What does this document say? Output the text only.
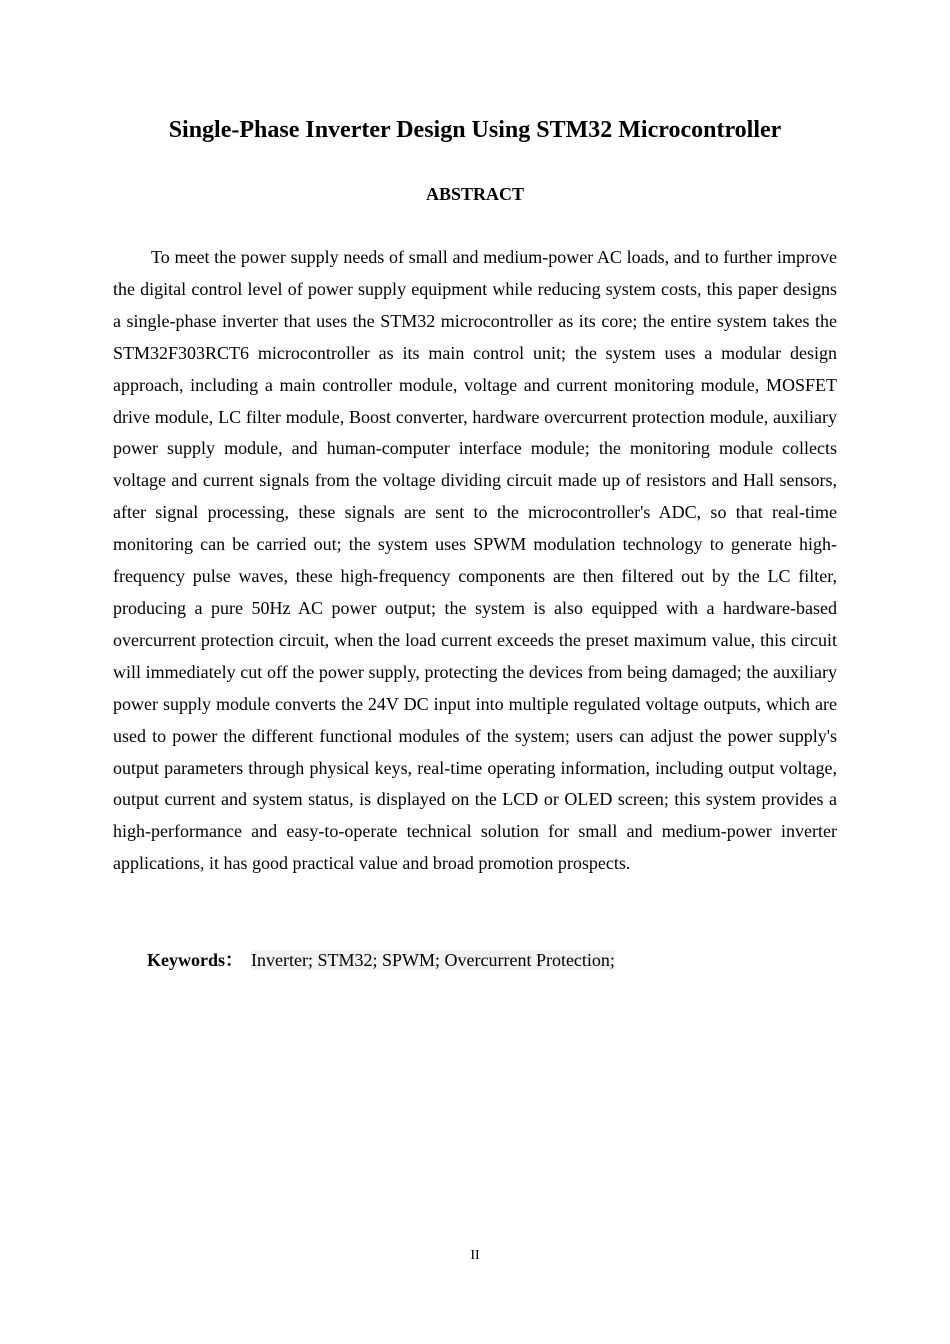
Single-Phase Inverter Design Using STM32 Microcontroller
ABSTRACT

To meet the power supply needs of small and medium-power AC loads, and to further improve the digital control level of power supply equipment while reducing system costs, this paper designs a single-phase inverter that uses the STM32 microcontroller as its core; the entire system takes the STM32F303RCT6 microcontroller as its main control unit; the system uses a modular design approach, including a main controller module, voltage and current monitoring module, MOSFET drive module, LC filter module, Boost converter, hardware overcurrent protection module, auxiliary power supply module, and human-computer interface module; the monitoring module collects voltage and current signals from the voltage dividing circuit made up of resistors and Hall sensors, after signal processing, these signals are sent to the microcontroller's ADC, so that real-time monitoring can be carried out; the system uses SPWM modulation technology to generate high-frequency pulse waves, these high-frequency components are then filtered out by the LC filter, producing a pure 50Hz AC power output; the system is also equipped with a hardware-based overcurrent protection circuit, when the load current exceeds the preset maximum value, this circuit will immediately cut off the power supply, protecting the devices from being damaged; the auxiliary power supply module converts the 24V DC input into multiple regulated voltage outputs, which are used to power the different functional modules of the system; users can adjust the power supply's output parameters through physical keys, real-time operating information, including output voltage, output current and system status, is displayed on the LCD or OLED screen; this system provides a high-performance and easy-to-operate technical solution for small and medium-power inverter applications, it has good practical value and broad promotion prospects.

Keywords： Inverter; STM32; SPWM; Overcurrent Protection;

II
